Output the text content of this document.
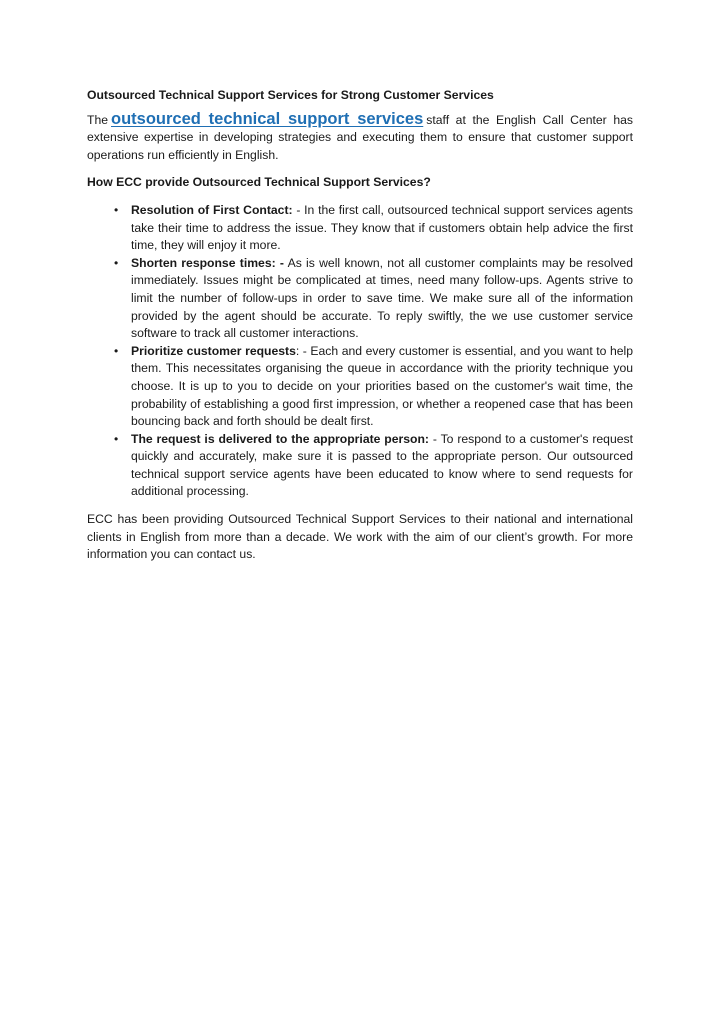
Outsourced Technical Support Services for Strong Customer Services

The outsourced technical support services staff at the English Call Center has extensive expertise in developing strategies and executing them to ensure that customer support operations run efficiently in English.

How ECC provide Outsourced Technical Support Services?

• Resolution of First Contact: - In the first call, outsourced technical support services agents take their time to address the issue. They know that if customers obtain help advice the first time, they will enjoy it more.
• Shorten response times: - As is well known, not all customer complaints may be resolved immediately. Issues might be complicated at times, need many follow-ups. Agents strive to limit the number of follow-ups in order to save time. We make sure all of the information provided by the agent should be accurate. To reply swiftly, the we use customer service software to track all customer interactions.
• Prioritize customer requests: - Each and every customer is essential, and you want to help them. This necessitates organising the queue in accordance with the priority technique you choose. It is up to you to decide on your priorities based on the customer's wait time, the probability of establishing a good first impression, or whether a reopened case that has been bouncing back and forth should be dealt first.
• The request is delivered to the appropriate person: - To respond to a customer's request quickly and accurately, make sure it is passed to the appropriate person. Our outsourced technical support service agents have been educated to know where to send requests for additional processing.

ECC has been providing Outsourced Technical Support Services to their national and international clients in English from more than a decade. We work with the aim of our client’s growth. For more information you can contact us.
